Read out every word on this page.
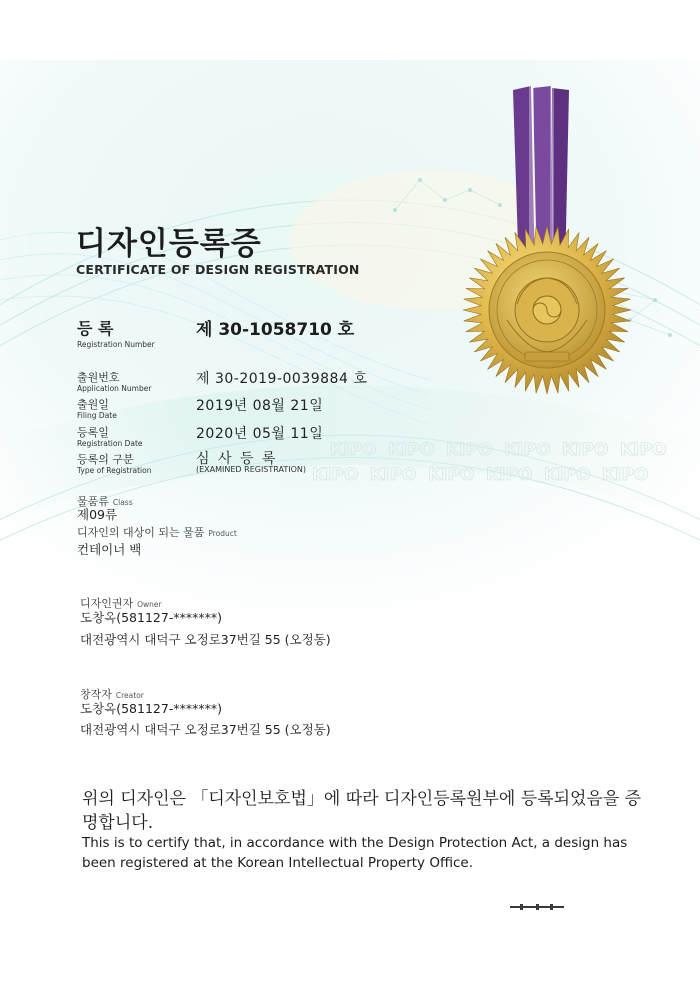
KIPO KIPO KIPO KIPO KIPO KIPO
KIPO KIPO KIPO KIPO KIPO KIPO
디자인등록증
CERTIFICATE OF DESIGN REGISTRATION
등 록
Registration Number
제 30-1058710 호
출원번호
Application Number
제 30-2019-0039884 호
출원일
Filing Date
2019년 08월 21일
등록일
Registration Date
2020년 05월 11일
등록의 구분
Type of Registration
심 사 등 록
(EXAMINED REGISTRATION)
물품류 Class
제09류
디자인의 대상이 되는 물품 Product
컨테이너 백
디자인권자 Owner
도창옥(581127-*******)
대전광역시 대덕구 오정로37번길 55 (오정동)
창작자 Creator
도창옥(581127-*******)
대전광역시 대덕구 오정로37번길 55 (오정동)
위의 디자인은 「디자인보호법」에 따라 디자인등록원부에 등록되었음을 증명합니다.
This is to certify that, in accordance with the Design Protection Act, a design has been registered at the Korean Intellectual Property Office.
